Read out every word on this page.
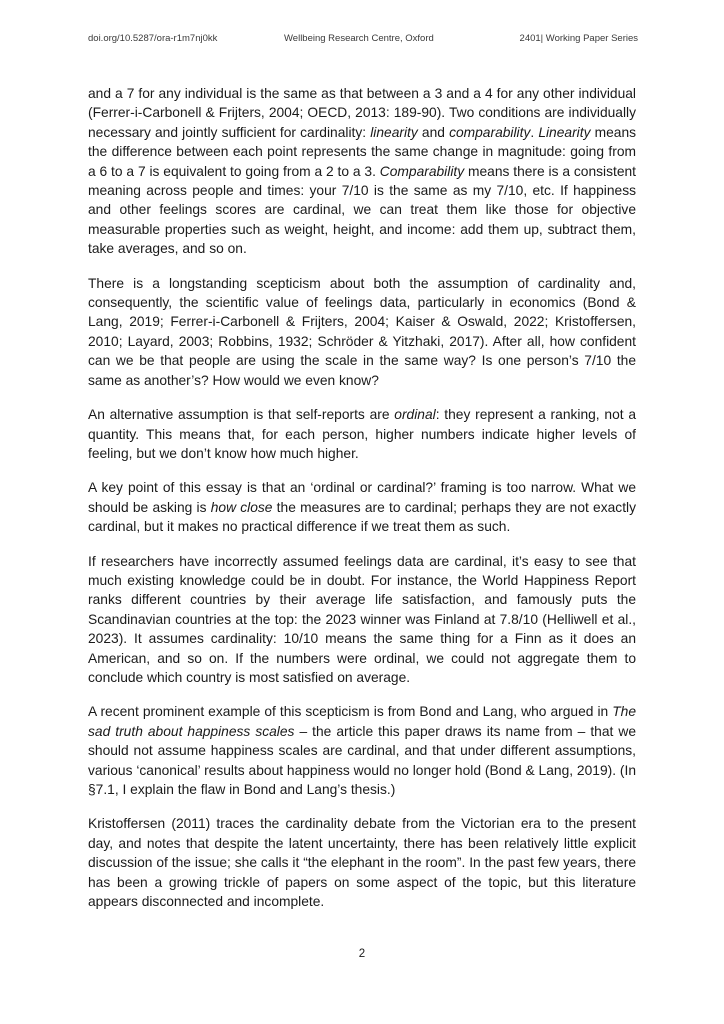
doi.org/10.5287/ora-r1m7nj0kk	Wellbeing Research Centre, Oxford	2401| Working Paper Series

and a 7 for any individual is the same as that between a 3 and a 4 for any other individual (Ferrer-i-Carbonell & Frijters, 2004; OECD, 2013: 189-90). Two conditions are individually necessary and jointly sufficient for cardinality: linearity and comparability. Linearity means the difference between each point represents the same change in magnitude: going from a 6 to a 7 is equivalent to going from a 2 to a 3. Comparability means there is a consistent meaning across people and times: your 7/10 is the same as my 7/10, etc. If happiness and other feelings scores are cardinal, we can treat them like those for objective measurable properties such as weight, height, and income: add them up, subtract them, take averages, and so on.

There is a longstanding scepticism about both the assumption of cardinality and, consequently, the scientific value of feelings data, particularly in economics (Bond & Lang, 2019; Ferrer-i-Carbonell & Frijters, 2004; Kaiser & Oswald, 2022; Kristoffersen, 2010; Layard, 2003; Robbins, 1932; Schröder & Yitzhaki, 2017). After all, how confident can we be that people are using the scale in the same way? Is one person’s 7/10 the same as another’s? How would we even know?

An alternative assumption is that self-reports are ordinal: they represent a ranking, not a quantity. This means that, for each person, higher numbers indicate higher levels of feeling, but we don’t know how much higher.

A key point of this essay is that an ‘ordinal or cardinal?’ framing is too narrow. What we should be asking is how close the measures are to cardinal; perhaps they are not exactly cardinal, but it makes no practical difference if we treat them as such.

If researchers have incorrectly assumed feelings data are cardinal, it’s easy to see that much existing knowledge could be in doubt. For instance, the World Happiness Report ranks different countries by their average life satisfaction, and famously puts the Scandinavian countries at the top: the 2023 winner was Finland at 7.8/10 (Helliwell et al., 2023). It assumes cardinality: 10/10 means the same thing for a Finn as it does an American, and so on. If the numbers were ordinal, we could not aggregate them to conclude which country is most satisfied on average.

A recent prominent example of this scepticism is from Bond and Lang, who argued in The sad truth about happiness scales – the article this paper draws its name from – that we should not assume happiness scales are cardinal, and that under different assumptions, various ‘canonical’ results about happiness would no longer hold (Bond & Lang, 2019). (In §7.1, I explain the flaw in Bond and Lang’s thesis.)

Kristoffersen (2011) traces the cardinality debate from the Victorian era to the present day, and notes that despite the latent uncertainty, there has been relatively little explicit discussion of the issue; she calls it “the elephant in the room”. In the past few years, there has been a growing trickle of papers on some aspect of the topic, but this literature appears disconnected and incomplete.

2
